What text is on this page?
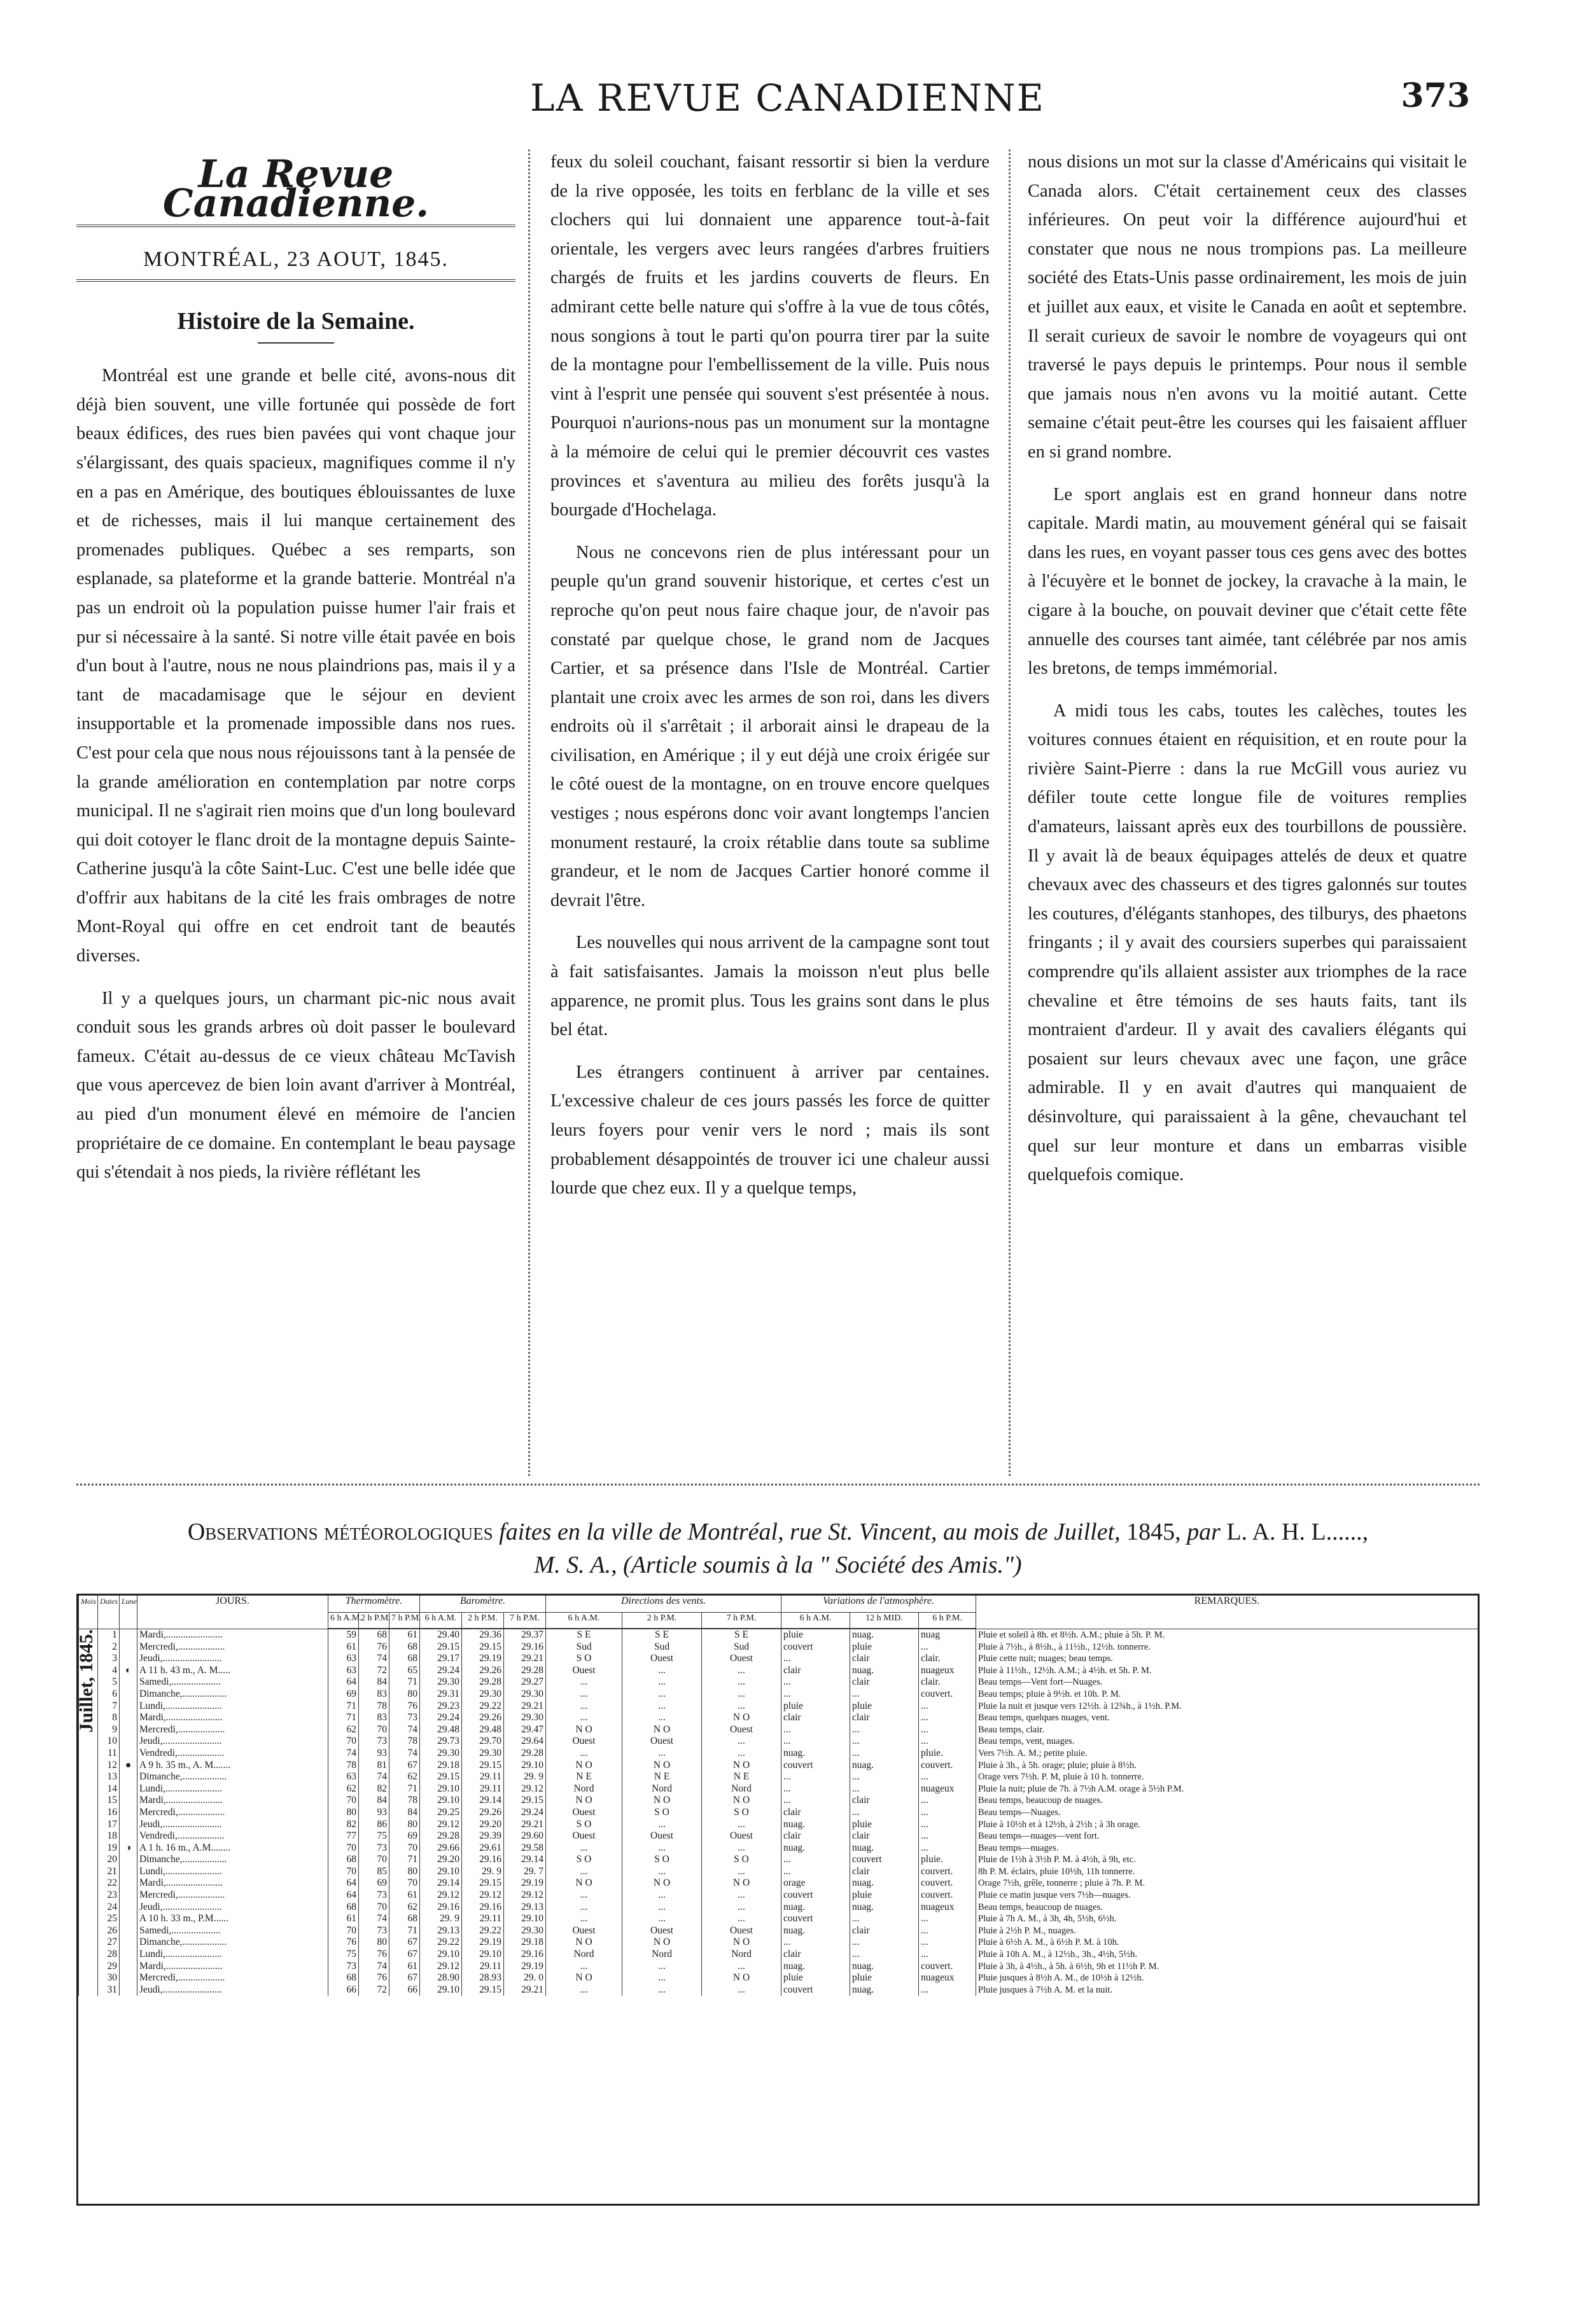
LA REVUE CANADIENNE	373
La Revue Canadienne.
MONTRÉAL, 23 AOUT, 1845.
Histoire de la Semaine.

Montréal est une grande et belle cité, avons-nous dit déjà bien souvent, une ville fortunée qui possède de fort beaux édifices, des rues bien pavées qui vont chaque jour s'élargissant, des quais spacieux, magnifiques comme il n'y en a pas en Amérique, des boutiques éblouissantes de luxe et de richesses, mais il lui manque certainement des promenades publiques. Québec a ses remparts, son esplanade, sa plateforme et la grande batterie. Montréal n'a pas un endroit où la population puisse humer l'air frais et pur si nécessaire à la santé. Si notre ville était pavée en bois d'un bout à l'autre, nous ne nous plaindrions pas, mais il y a tant de macadamisage que le séjour en devient insupportable et la promenade impossible dans nos rues. C'est pour cela que nous nous réjouissons tant à la pensée de la grande amélioration en contemplation par notre corps municipal. Il ne s'agirait rien moins que d'un long boulevard qui doit cotoyer le flanc droit de la montagne depuis Sainte-Catherine jusqu'à la côte Saint-Luc. C'est une belle idée que d'offrir aux habitans de la cité les frais ombrages de notre Mont-Royal qui offre en cet endroit tant de beautés diverses.

Il y a quelques jours, un charmant pic-nic nous avait conduit sous les grands arbres où doit passer le boulevard fameux. C'était au-dessus de ce vieux château McTavish que vous apercevez de bien loin avant d'arriver à Montréal, au pied d'un monument élevé en mémoire de l'ancien propriétaire de ce domaine. En contemplant le beau paysage qui s'étendait à nos pieds, la rivière réflétant les

feux du soleil couchant, faisant ressortir si bien la verdure de la rive opposée, les toits en ferblanc de la ville et ses clochers qui lui donnaient une apparence tout-à-fait orientale, les vergers avec leurs rangées d'arbres fruitiers chargés de fruits et les jardins couverts de fleurs. En admirant cette belle nature qui s'offre à la vue de tous côtés, nous songions à tout le parti qu'on pourra tirer par la suite de la montagne pour l'embellissement de la ville. Puis nous vint à l'esprit une pensée qui souvent s'est présentée à nous. Pourquoi n'aurions-nous pas un monument sur la montagne à la mémoire de celui qui le premier découvrit ces vastes provinces et s'aventura au milieu des forêts jusqu'à la bourgade d'Hochelaga.

Nous ne concevons rien de plus intéressant pour un peuple qu'un grand souvenir historique, et certes c'est un reproche qu'on peut nous faire chaque jour, de n'avoir pas constaté par quelque chose, le grand nom de Jacques Cartier, et sa présence dans l'Isle de Montréal. Cartier plantait une croix avec les armes de son roi, dans les divers endroits où il s'arrêtait ; il arborait ainsi le drapeau de la civilisation, en Amérique ; il y eut déjà une croix érigée sur le côté ouest de la montagne, on en trouve encore quelques vestiges ; nous espérons donc voir avant longtemps l'ancien monument restauré, la croix rétablie dans toute sa sublime grandeur, et le nom de Jacques Cartier honoré comme il devrait l'être.

Les nouvelles qui nous arrivent de la campagne sont tout à fait satisfaisantes. Jamais la moisson n'eut plus belle apparence, ne promit plus. Tous les grains sont dans le plus bel état.

Les étrangers continuent à arriver par centaines. L'excessive chaleur de ces jours passés les force de quitter leurs foyers pour venir vers le nord ; mais ils sont probablement désappointés de trouver ici une chaleur aussi lourde que chez eux. Il y a quelque temps,

nous disions un mot sur la classe d'Américains qui visitait le Canada alors. C'était certainement ceux des classes inférieures. On peut voir la différence aujourd'hui et constater que nous ne nous trompions pas. La meilleure société des Etats-Unis passe ordinairement, les mois de juin et juillet aux eaux, et visite le Canada en août et septembre. Il serait curieux de savoir le nombre de voyageurs qui ont traversé le pays depuis le printemps. Pour nous il semble que jamais nous n'en avons vu la moitié autant. Cette semaine c'était peut-être les courses qui les faisaient affluer en si grand nombre.

Le sport anglais est en grand honneur dans notre capitale. Mardi matin, au mouvement général qui se faisait dans les rues, en voyant passer tous ces gens avec des bottes à l'écuyère et le bonnet de jockey, la cravache à la main, le cigare à la bouche, on pouvait deviner que c'était cette fête annuelle des courses tant aimée, tant célébrée par nos amis les bretons, de temps immémorial.

A midi tous les cabs, toutes les calèches, toutes les voitures connues étaient en réquisition, et en route pour la rivière Saint-Pierre : dans la rue McGill vous auriez vu défiler toute cette longue file de voitures remplies d'amateurs, laissant après eux des tourbillons de poussière. Il y avait là de beaux équipages attelés de deux et quatre chevaux avec des chasseurs et des tigres galonnés sur toutes les coutures, d'élégants stanhopes, des tilburys, des phaetons fringants ; il y avait des coursiers superbes qui paraissaient comprendre qu'ils allaient assister aux triomphes de la race chevaline et être témoins de ses hauts faits, tant ils montraient d'ardeur. Il y avait des cavaliers élégants qui posaient sur leurs chevaux avec une façon, une grâce admirable. Il y en avait d'autres qui manquaient de désinvolture, qui paraissaient à la gêne, chevauchant tel quel sur leur monture et dans un embarras visible quelquefois comique.

Observations météorologiques faites en la ville de Montréal, rue St. Vincent, au mois de Juillet, 1845, par L. A. H. L......,
M. S. A., (Article soumis à la " Société des Amis.")
Mois	Dates	Lune	JOURS.	Thermomètre.			Baromètre.			Directions des vents.			Variations de l'atmosphère.			REMARQUES.
				6 h A.M.	2 h P.M.	7 h P.M.	6 h A.M.	2 h P.M.	7 h P.M.	6 h A.M.	2 h P.M.	7 h P.M.	6 h A.M.	12 h MID.	6 h P.M.	

Juillet, 1845.	1		Mardi,.......................	59	68	61	29.40	29.36	29.37	S E	S E	S E	pluie	nuag.	nuag	Pluie et soleil à 8h. et 8½h. A.M.; pluie à 5h. P. M.
	2		Mercredi,...................	61	76	68	29.15	29.15	29.16	Sud	Sud	Sud	couvert	pluie	...	Pluie à 7½h., à 8½h., à 11½h., 12½h. tonnerre.
	3		Jeudi,........................	63	74	68	29.17	29.19	29.21	S O	Ouest	Ouest	...	clair	clair.	Pluie cette nuit; nuages; beau temps.
	4	◐	A 11 h. 43 m., A. M.....	63	72	65	29.24	29.26	29.28	Ouest	...	...	clair	nuag.	nuageux	Pluie à 11½h., 12½h. A.M.; à 4½h. et 5h. P. M.
	5		Samedi,....................	64	84	71	29.30	29.28	29.27	...	...	...	...	clair	clair.	Beau temps—Vent fort—Nuages.
	6		Dimanche,..................	69	83	80	29.31	29.30	29.30	...	...	...	...	...	couvert.	Beau temps; pluie à 9½h. et 10h. P. M.
	7		Lundi,.......................	71	78	76	29.23	29.22	29.21	...	...	...	pluie	pluie	...	Pluie la nuit et jusque vers 12½h. à 12¾h., à 1½h. P.M.
	8		Mardi,.......................	71	83	73	29.24	29.26	29.30	...	...	N O	clair	clair	...	Beau temps, quelques nuages, vent.
	9		Mercredi,...................	62	70	74	29.48	29.48	29.47	N O	N O	Ouest	...	...	...	Beau temps, clair.
	10		Jeudi,........................	70	73	78	29.73	29.70	29.64	Ouest	Ouest	...	...	...	...	Beau temps, vent, nuages.
	11		Vendredi,...................	74	93	74	29.30	29.30	29.28	...	...	...	nuag.	...	pluie.	Vers 7½h. A. M.; petite pluie.
	12	●	A 9 h. 35 m., A. M.......	78	81	67	29.18	29.15	29.10	N O	N O	N O	couvert	nuag.	couvert.	Pluie à 3h., à 5h. orage; pluie; pluie à 8½h.
	13		Dimanche,..................	63	74	62	29.15	29.11	29. 9	N E	N E	N E	...	...	...	Orage vers 7½h. P. M, pluie à 10 h. tonnerre.
	14		Lundi,.......................	62	82	71	29.10	29.11	29.12	Nord	Nord	Nord	...	...	nuageux	Pluie la nuit; pluie de 7h. à 7½h A.M. orage à 5½h P.M.
	15		Mardi,.......................	70	84	78	29.10	29.14	29.15	N O	N O	N O	...	clair	...	Beau temps, beaucoup de nuages.
	16		Mercredi,...................	80	93	84	29.25	29.26	29.24	Ouest	S O	S O	clair	...	...	Beau temps—Nuages.
	17		Jeudi,........................	82	86	80	29.12	29.20	29.21	S O	...	...	nuag.	pluie	...	Pluie à 10½h et à 12½h, à 2½h ; à 3h orage.
	18		Vendredi,...................	77	75	69	29.28	29.39	29.60	Ouest	Ouest	Ouest	clair	clair	...	Beau temps—nuages—vent fort.
	19	◑	A 1 h. 16 m., A.M........	70	73	70	29.66	29.61	29.58	...	...	...	nuag.	nuag.	...	Beau temps—nuages.
	20		Dimanche,..................	68	70	71	29.20	29.16	29.14	S O	S O	S O	...	couvert	pluie.	Pluie de 1½h à 3½h P. M. à 4½h, à 9h, etc.
	21		Lundi,.......................	70	85	80	29.10	29. 9	29. 7	...	...	...	...	clair	couvert.	8h P. M. éclairs, pluie 10½h, 11h tonnerre.
	22		Mardi,.......................	64	69	70	29.14	29.15	29.19	N O	N O	N O	orage	nuag.	couvert.	Orage 7½h, grêle, tonnerre ; pluie à 7h. P. M.
	23		Mercredi,...................	64	73	61	29.12	29.12	29.12	...	...	...	couvert	pluie	couvert.	Pluie ce matin jusque vers 7½h—nuages.
	24		Jeudi,........................	68	70	62	29.16	29.16	29.13	...	...	...	nuag.	nuag.	nuageux	Beau temps, beaucoup de nuages.
	25		A 10 h. 33 m., P.M......	61	74	68	29. 9	29.11	29.10	...	...	...	couvert	...	...	Pluie à 7h A. M., à 3h, 4h, 5½h, 6½h.
	26		Samedi,....................	70	73	71	29.13	29.22	29.30	Ouest	Ouest	Ouest	nuag.	clair	...	Pluie à 2½h P. M., nuages.
	27		Dimanche,..................	76	80	67	29.22	29.19	29.18	N O	N O	N O	...	...	...	Pluie à 6½h A. M., à 6½h P. M. à 10h.
	28		Lundi,.......................	75	76	67	29.10	29.10	29.16	Nord	Nord	Nord	clair	...	...	Pluie à 10h A. M., à 12½h., 3h., 4½h, 5½h.
	29		Mardi,.......................	73	74	61	29.12	29.11	29.19	...	...	...	nuag.	nuag.	couvert.	Pluie à 3h, à 4½h., à 5h. à 6½h, 9h et 11½h P. M.
	30		Mercredi,...................	68	76	67	28.90	28.93	29. 0	N O	...	N O	pluie	pluie	nuageux	Pluie jusques à 8½h A. M., de 10½h à 12½h.
	31		Jeudi,........................	66	72	66	29.10	29.15	29.21	...	...	...	couvert	nuag.	...	Pluie jusques à 7½h A. M. et la nuit.
